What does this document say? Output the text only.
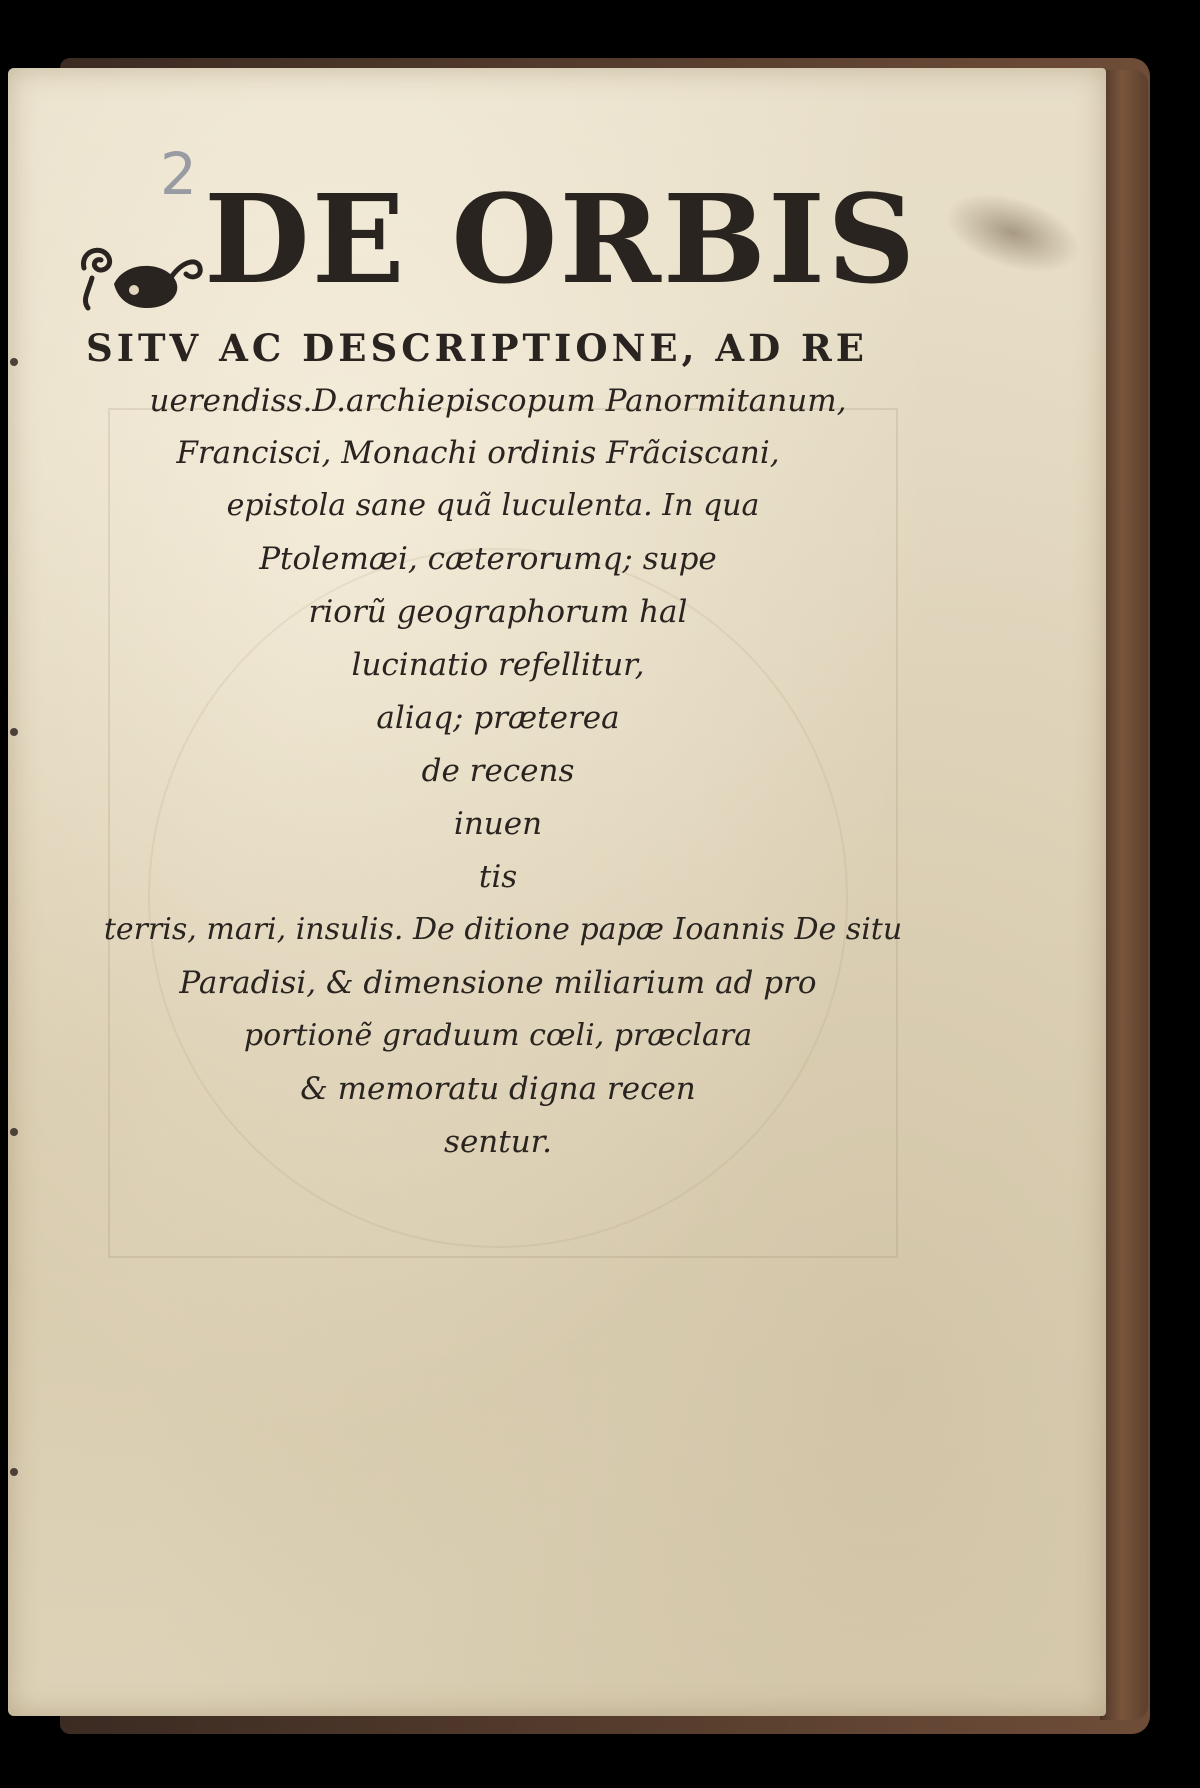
2 DE ORBIS
SITV AC DESCRIPTIONE, AD RE
uerendiss.D.archiepiscopum Panormitanum,
Francisci, Monachi ordinis Frãciscani,
epistola sane quã luculenta. In qua
Ptolemæi, cæterorumq; supe
riorũ geographorum hal
lucinatio refellitur,
aliaq; præterea
de recens
inuen
tis
terris, mari, insulis. De ditione papæ Ioannis De situ
Paradisi, & dimensione miliarium ad pro
portionẽ graduum cœli, præclara
& memoratu digna recen
sentur.
